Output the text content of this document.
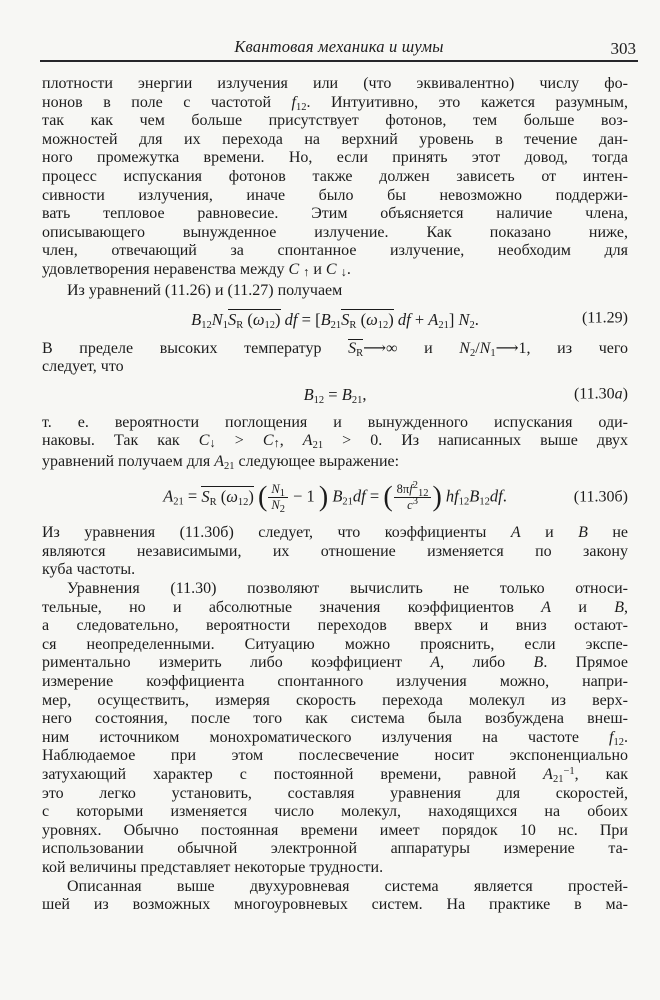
Квантовая механика и шумы	303
плотности энергии излучения или (что эквивалентно) числу фо-
нонов в поле с частотой $f_{12}$. Интуитивно, это кажется разумным,
так как чем больше присутствует фотонов, тем больше воз-
можностей для их перехода на верхний уровень в течение дан-
ного промежутка времени. Но, если принять этот довод, тогда
процесс испускания фотонов также должен зависеть от интен-
сивности излучения, иначе было бы невозможно поддержи-
вать тепловое равновесие. Этим объясняется наличие члена,
описывающего вынужденное излучение. Как показано ниже,
член, отвечающий за спонтанное излучение, необходим для
удовлетворения неравенства между C ↑ и C ↓.
Из уравнений (11.26) и (11.27) получаем
$B_{12}N_1S_R$ $(\omega_{12})$ df = [$B_{21}S_R$ $(\omega_{12})$ df + $A_{21}$] $N_2$.	(11.29)
В пределе высоких температур $S_R⟶\infty$ и $N_2/N_1⟶1$, из чего
следует, что
$B_{12} = B_{21}$,	(11.30a)
т. е. вероятности поглощения и вынужденного испускания оди-
наковы. Так как C↓ > C↑, $A_{21} > 0$. Из написанных выше двух
уравнений получаем для $A_{21}$ следующее выражение:
$A_{21} = S_R$ $(\omega_{12})$ ( $\frac{N_1}{N_2} - 1$ ) $B_{21}df$ = ( $\frac{8\pi f^2_{12}}{c^3}$ ) $hf_{12}B_{12}df$.	(11.30б)
Из уравнения (11.30б) следует, что коэффициенты A и B не
являются независимыми, их отношение изменяется по закону
куба частоты.
Уравнения (11.30) позволяют вычислить не только относи-
тельные, но и абсолютные значения коэффициентов A и B,
а следовательно, вероятности переходов вверх и вниз остают-
ся неопределенными. Ситуацию можно прояснить, если экспе-
риментально измерить либо коэффициент A, либо B. Прямое
измерение коэффициента спонтанного излучения можно, напри-
мер, осуществить, измеряя скорость перехода молекул из верх-
него состояния, после того как система была возбуждена внеш-
ним источником монохроматического излучения на частоте $f_{12}$.
Наблюдаемое при этом послесвечение носит экспоненциально
затухающий характер с постоянной времени, равной $A_{21}^{-1}$, как
это легко установить, составляя уравнения для скоростей,
с которыми изменяется число молекул, находящихся на обоих
уровнях. Обычно постоянная времени имеет порядок 10 нс. При
использовании обычной электронной аппаратуры измерение та-
кой величины представляет некоторые трудности.
Описанная выше двухуровневая система является простей-
шей из возможных многоуровневых систем. На практике в ма-
